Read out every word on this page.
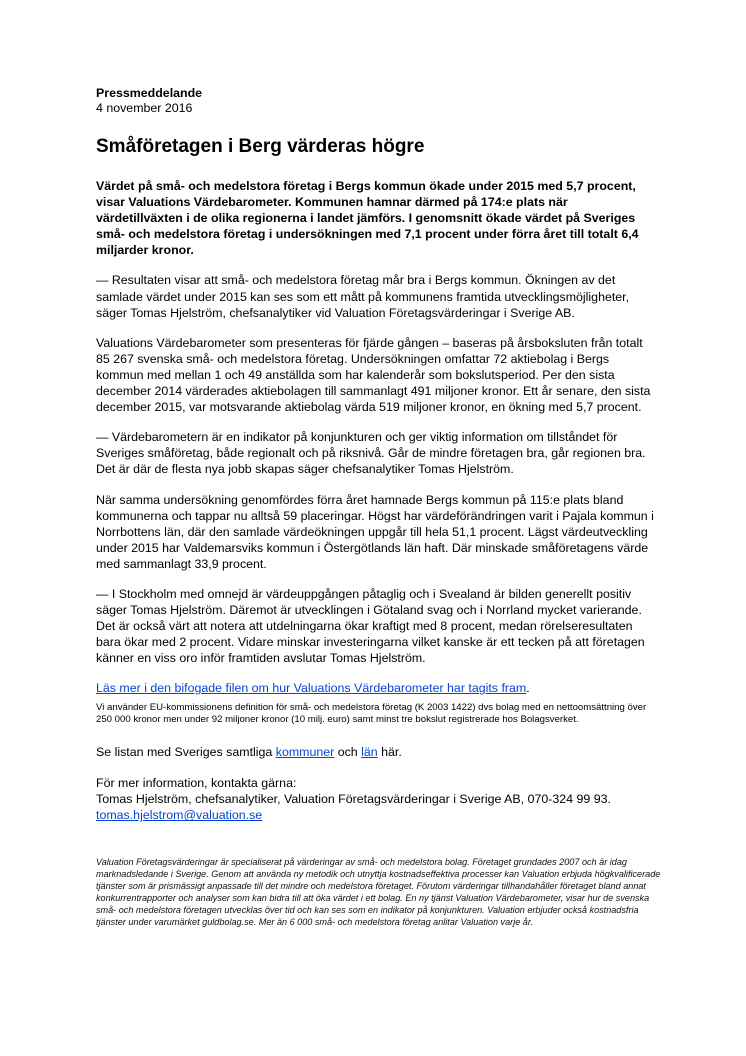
Pressmeddelande

4 november 2016

Småföretagen i Berg värderas högre

Värdet på små- och medelstora företag i Bergs kommun ökade under 2015 med 5,7 procent, visar Valuations Värdebarometer. Kommunen hamnar därmed på 174:e plats när värdetillväxten i de olika regionerna i landet jämförs. I genomsnitt ökade värdet på Sveriges små- och medelstora företag i undersökningen med 7,1 procent under förra året till totalt 6,4 miljarder kronor.

— Resultaten visar att små- och medelstora företag mår bra i Bergs kommun. Ökningen av det samlade värdet under 2015 kan ses som ett mått på kommunens framtida utvecklingsmöjligheter, säger Tomas Hjelström, chefsanalytiker vid Valuation Företagsvärderingar i Sverige AB.

Valuations Värdebarometer som presenteras för fjärde gången – baseras på årsboksluten från totalt 85 267 svenska små- och medelstora företag. Undersökningen omfattar 72 aktiebolag i Bergs kommun med mellan 1 och 49 anställda som har kalenderår som bokslutsperiod. Per den sista december 2014 värderades aktiebolagen till sammanlagt 491 miljoner kronor. Ett år senare, den sista december 2015, var motsvarande aktiebolag värda 519 miljoner kronor, en ökning med 5,7 procent.

— Värdebarometern är en indikator på konjunkturen och ger viktig information om tillståndet för Sveriges småföretag, både regionalt och på riksnivå. Går de mindre företagen bra, går regionen bra. Det är där de flesta nya jobb skapas säger chefsanalytiker Tomas Hjelström.

När samma undersökning genomfördes förra året hamnade Bergs kommun på 115:e plats bland kommunerna och tappar nu alltså 59 placeringar. Högst har värdeförändringen varit i Pajala kommun i Norrbottens län, där den samlade värdeökningen uppgår till hela 51,1 procent. Lägst värdeutveckling under 2015 har Valdemarsviks kommun i Östergötlands län haft. Där minskade småföretagens värde med sammanlagt 33,9 procent.

— I Stockholm med omnejd är värdeuppgången påtaglig och i Svealand är bilden generellt positiv säger Tomas Hjelström. Däremot är utvecklingen i Götaland svag och i Norrland mycket varierande. Det är också värt att notera att utdelningarna ökar kraftigt med 8 procent, medan rörelseresultaten bara ökar med 2 procent. Vidare minskar investeringarna vilket kanske är ett tecken på att företagen känner en viss oro inför framtiden avslutar Tomas Hjelström.

Läs mer i den bifogade filen om hur Valuations Värdebarometer har tagits fram.

Vi använder EU-kommissionens definition för små- och medelstora företag (K 2003 1422) dvs bolag med en nettoomsättning över 250 000 kronor men under 92 miljoner kronor (10 milj. euro) samt minst tre bokslut registrerade hos Bolagsverket.

Se listan med Sveriges samtliga kommuner och län här.

För mer information, kontakta gärna:
Tomas Hjelström, chefsanalytiker, Valuation Företagsvärderingar i Sverige AB, 070-324 99 93.
tomas.hjelstrom@valuation.se

Valuation Företagsvärderingar är specialiserat på värderingar av små- och medelstora bolag. Företaget grundades 2007 och är idag marknadsledande i Sverige. Genom att använda ny metodik och utnyttja kostnadseffektiva processer kan Valuation erbjuda högkvalificerade tjänster som är prismässigt anpassade till det mindre och medelstora företaget. Förutom värderingar tillhandahåller företaget bland annat konkurrentrapporter och analyser som kan bidra till att öka värdet i ett bolag. En ny tjänst Valuation Värdebarometer, visar hur de svenska små- och medelstora företagen utvecklas över tid och kan ses som en indikator på konjunkturen. Valuation erbjuder också kostnadsfria tjänster under varumärket guldbolag.se. Mer än 6 000 små- och medelstora företag anlitar Valuation varje år.
